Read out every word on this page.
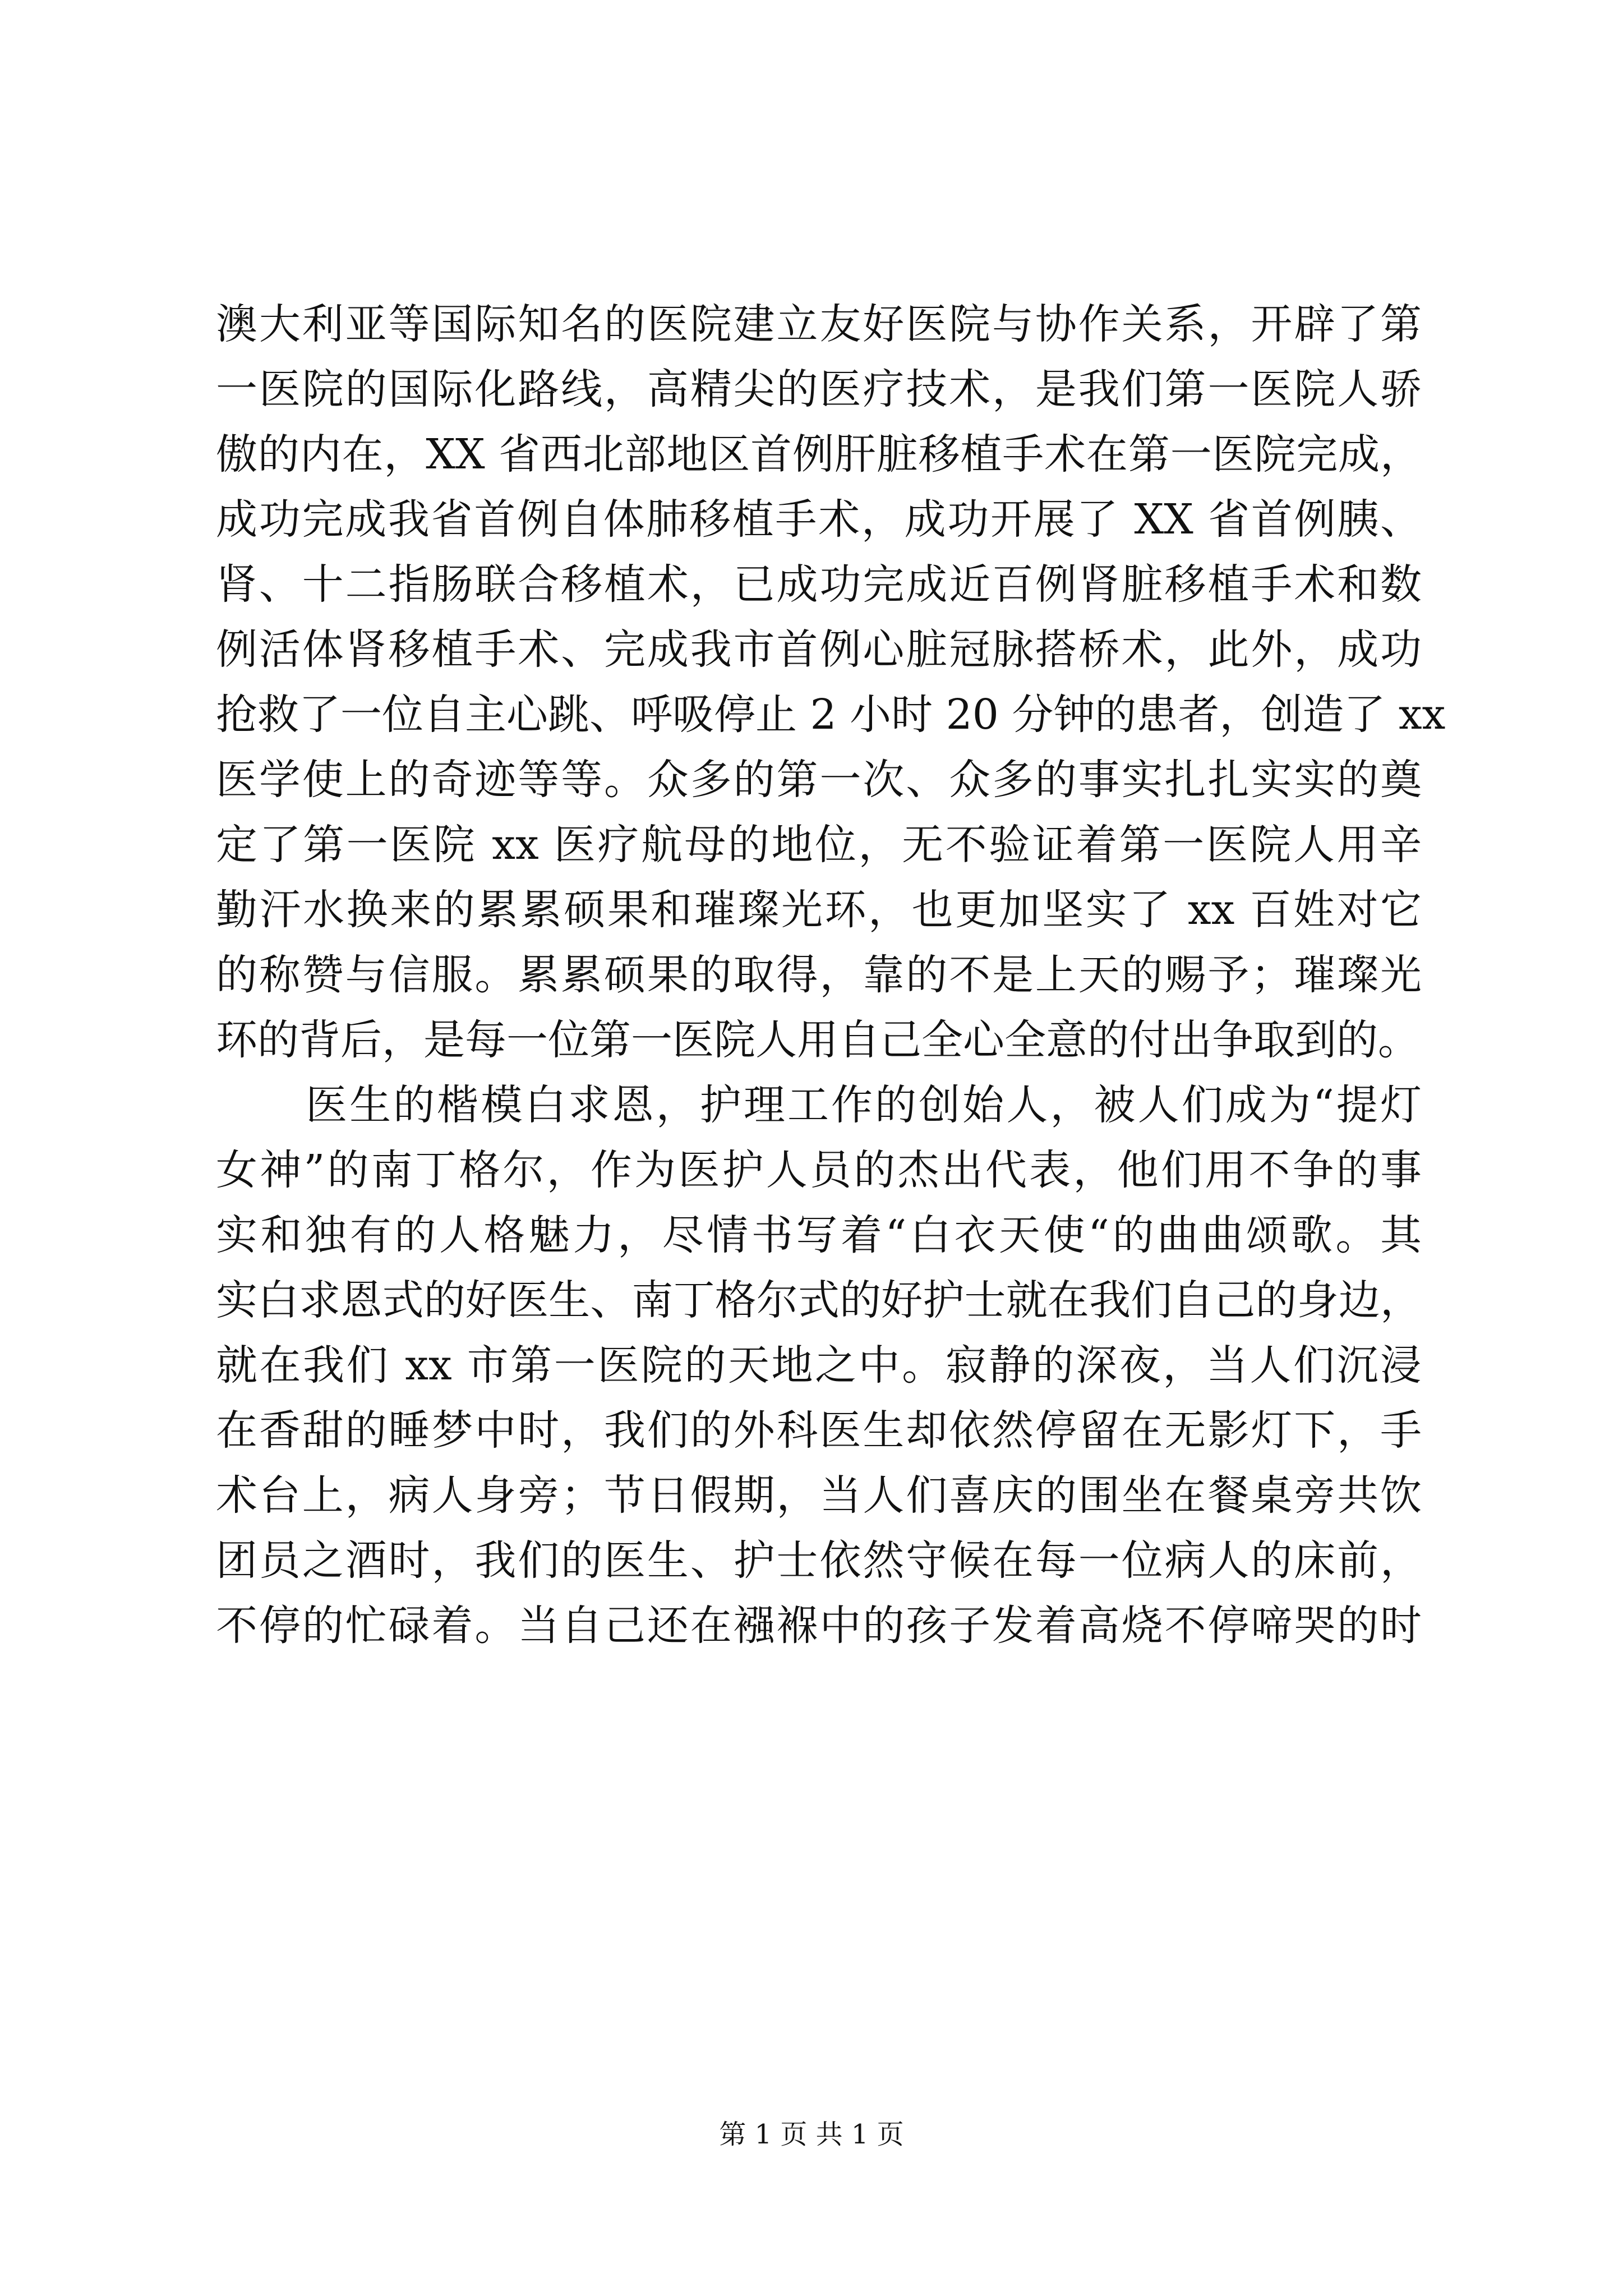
澳大利亚等国际知名的医院建立友好医院与协作关系，开辟了第
一医院的国际化路线，高精尖的医疗技术，是我们第一医院人骄
傲的内在，XX 省西北部地区首例肝脏移植手术在第一医院完成，
成功完成我省首例自体肺移植手术，成功开展了 XX 省首例胰、
肾、十二指肠联合移植术，已成功完成近百例肾脏移植手术和数
例活体肾移植手术、完成我市首例心脏冠脉搭桥术，此外，成功
抢救了一位自主心跳、呼吸停止 2 小时 20 分钟的患者，创造了 xx
医学使上的奇迹等等。众多的第一次、众多的事实扎扎实实的奠
定了第一医院 xx 医疗航母的地位，无不验证着第一医院人用辛
勤汗水换来的累累硕果和璀璨光环，也更加坚实了 xx 百姓对它
的称赞与信服。累累硕果的取得，靠的不是上天的赐予；璀璨光
环的背后，是每一位第一医院人用自己全心全意的付出争取到的。
医生的楷模白求恩，护理工作的创始人，被人们成为“提灯
女神”的南丁格尔，作为医护人员的杰出代表，他们用不争的事
实和独有的人格魅力，尽情书写着“白衣天使“的曲曲颂歌。其
实白求恩式的好医生、南丁格尔式的好护士就在我们自己的身边，
就在我们 xx 市第一医院的天地之中。寂静的深夜，当人们沉浸
在香甜的睡梦中时，我们的外科医生却依然停留在无影灯下，手
术台上，病人身旁；节日假期，当人们喜庆的围坐在餐桌旁共饮
团员之酒时，我们的医生、护士依然守候在每一位病人的床前，
不停的忙碌着。当自己还在襁褓中的孩子发着高烧不停啼哭的时
第 1 页 共 1 页
